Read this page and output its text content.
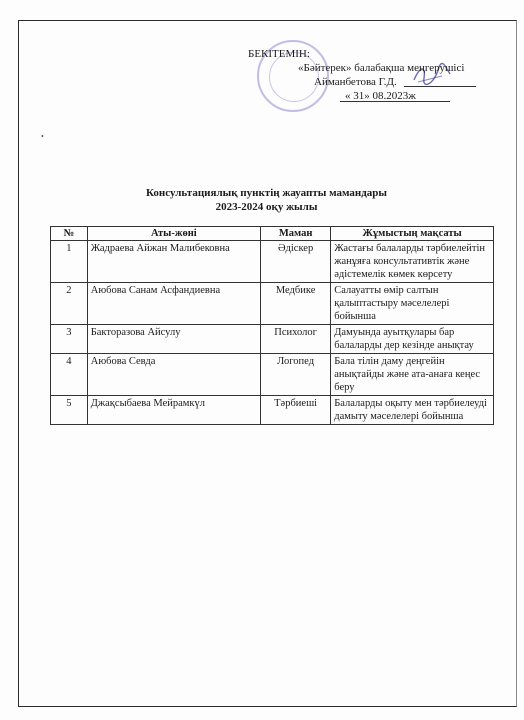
БЕКІТЕМІН:
«Бәйтерек» балабақша меңгерушісі
Айманбетова Г.Д.
« 31» 08.2023ж
•
Консультациялық пунктің жауапты мамандары
2023-2024 оқу жылы
№	Аты-жөні	Маман	Жұмыстың мақсаты
1	Жадраева Айжан Малибековна	Әдіскер	Жастағы балаларды тәрбиелейтін жанұяға консультативтік және әдістемелік көмек көрсету
2	Аюбова Санам Асфандиевна	Медбике	Салауатты өмір салтын қалыптастыру мәселелері бойынша
3	Бакторазова Айсулу	Психолог	Дамуында ауытқулары бар балаларды дер кезінде анықтау
4	Аюбова Севда	Логопед	Бала тілін даму деңгейін анықтайды және ата-анаға кеңес беру
5	Джақсыбаева Мейрамкүл	Тәрбиеші	Балаларды оқыту мен тәрбиелеуді дамыту мәселелері бойынша
